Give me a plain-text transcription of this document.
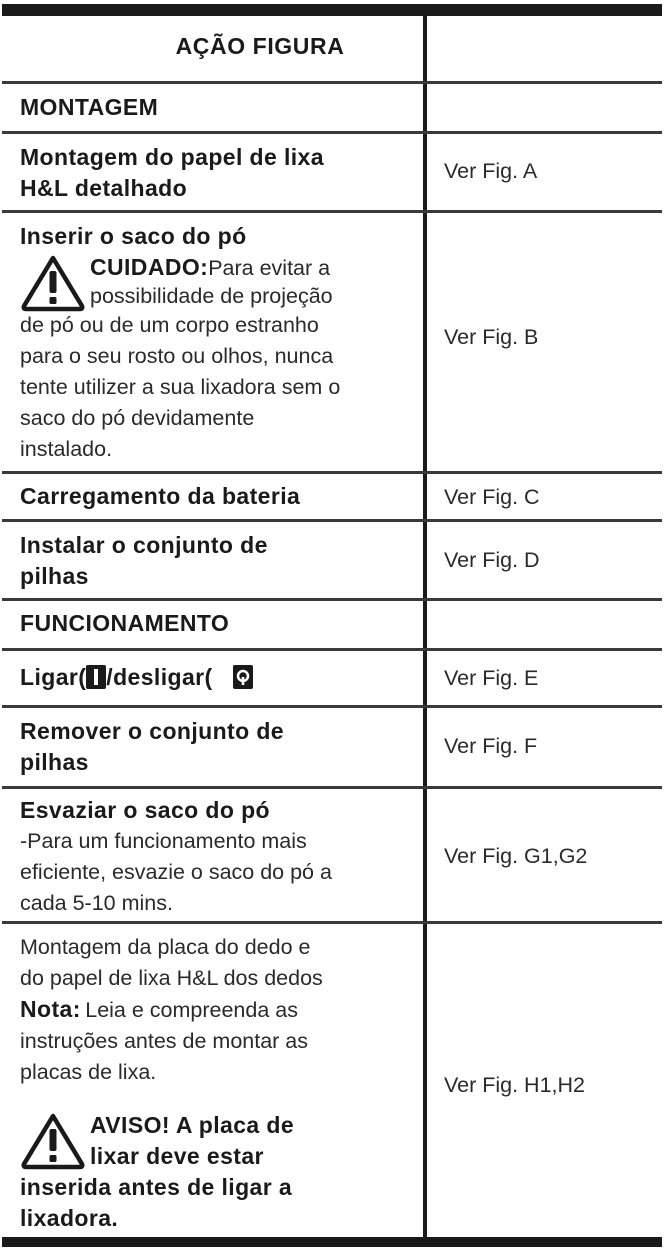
AÇÃO FIGURA
MONTAGEM
Montagem do papel de lixa
H&L detalhado
Ver Fig. A
Inserir o saco do pó
CUIDADO:Para evitar a
possibilidade de projeção
de pó ou de um corpo estranho
para o seu rosto ou olhos, nunca
tente utilizer a sua lixadora sem o
saco do pó devidamente
instalado.
Ver Fig. B
Carregamento da bateria	Ver Fig. C
Instalar o conjunto de
pilhas
Ver Fig. D
FUNCIONAMENTO
Ligar( /desligar(	Ver Fig. E
Remover o conjunto de
pilhas
Ver Fig. F
Esvaziar o saco do pó
-Para um funcionamento mais
eficiente, esvazie o saco do pó a
cada 5-10 mins.
Ver Fig. G1,G2
Montagem da placa do dedo e
do papel de lixa H&L dos dedos
Nota: Leia e compreenda as
instruções antes de montar as
placas de lixa.
AVISO! A placa de
lixar deve estar
inserida antes de ligar a
lixadora.
Ver Fig. H1,H2
